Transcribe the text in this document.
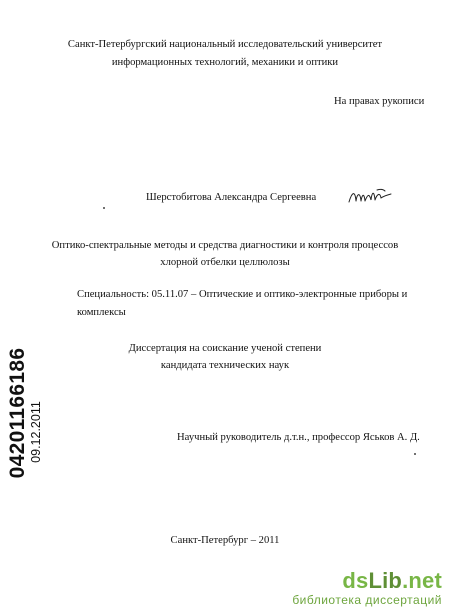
Санкт-Петербургский национальный исследовательский университет
информационных технологий, механики и оптики
На правах рукописи
Шерстобитова Александра Сергеевна
Оптико-спектральные методы и средства диагностики и контроля процессов
хлорной отбелки целлюлозы
Специальность: 05.11.07 – Оптические и оптико-электронные приборы и
комплексы
Диссертация на соискание ученой степени
кандидата технических наук
Научный руководитель д.т.н., профессор Яськов А. Д.
Санкт-Петербург – 2011
04201166186 09.12.2011
dsLib.net
библиотека диссертаций
